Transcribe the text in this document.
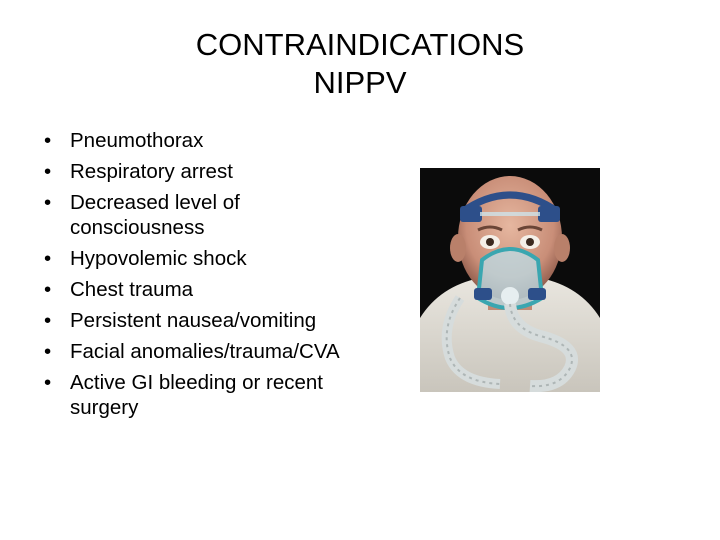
CONTRAINDICATIONS
NIPPV
• Pneumothorax
• Respiratory arrest
• Decreased level of consciousness
• Hypovolemic shock
• Chest trauma
• Persistent nausea/vomiting
• Facial anomalies/trauma/CVA
• Active GI bleeding or recent surgery
